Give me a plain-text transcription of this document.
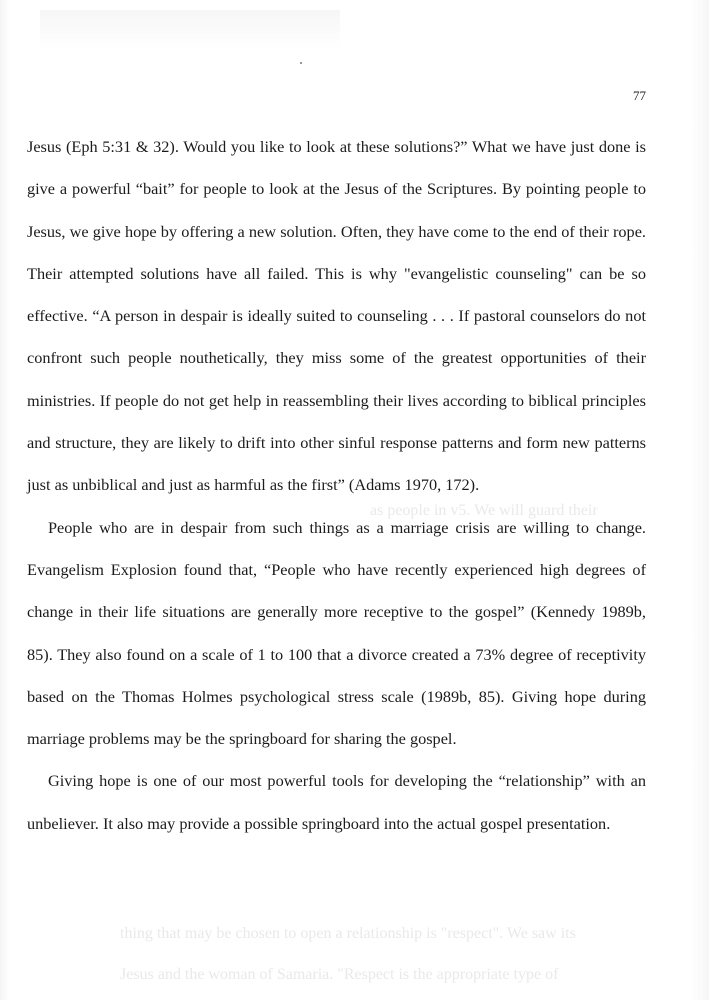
as people in v5. We will guard their
thing that may be chosen to open a relationship is "respect". We saw its
Jesus and the woman of Samaria. "Respect is the appropriate type of
77

Jesus (Eph 5:31 & 32). Would you like to look at these solutions?” What we have just done is give a powerful “bait” for people to look at the Jesus of the Scriptures. By pointing people to Jesus, we give hope by offering a new solution. Often, they have come to the end of their rope. Their attempted solutions have all failed. This is why "evangelistic counseling" can be so effective. “A person in despair is ideally suited to counseling . . . If pastoral counselors do not confront such people nouthetically, they miss some of the greatest opportunities of their ministries. If people do not get help in reassembling their lives according to biblical principles and structure, they are likely to drift into other sinful response patterns and form new patterns just as unbiblical and just as harmful as the first” (Adams 1970, 172).

People who are in despair from such things as a marriage crisis are willing to change. Evangelism Explosion found that, “People who have recently experienced high degrees of change in their life situations are generally more receptive to the gospel” (Kennedy 1989b, 85). They also found on a scale of 1 to 100 that a divorce created a 73% degree of receptivity based on the Thomas Holmes psychological stress scale (1989b, 85). Giving hope during marriage problems may be the springboard for sharing the gospel.

Giving hope is one of our most powerful tools for developing the “relationship” with an unbeliever. It also may provide a possible springboard into the actual gospel presentation.
